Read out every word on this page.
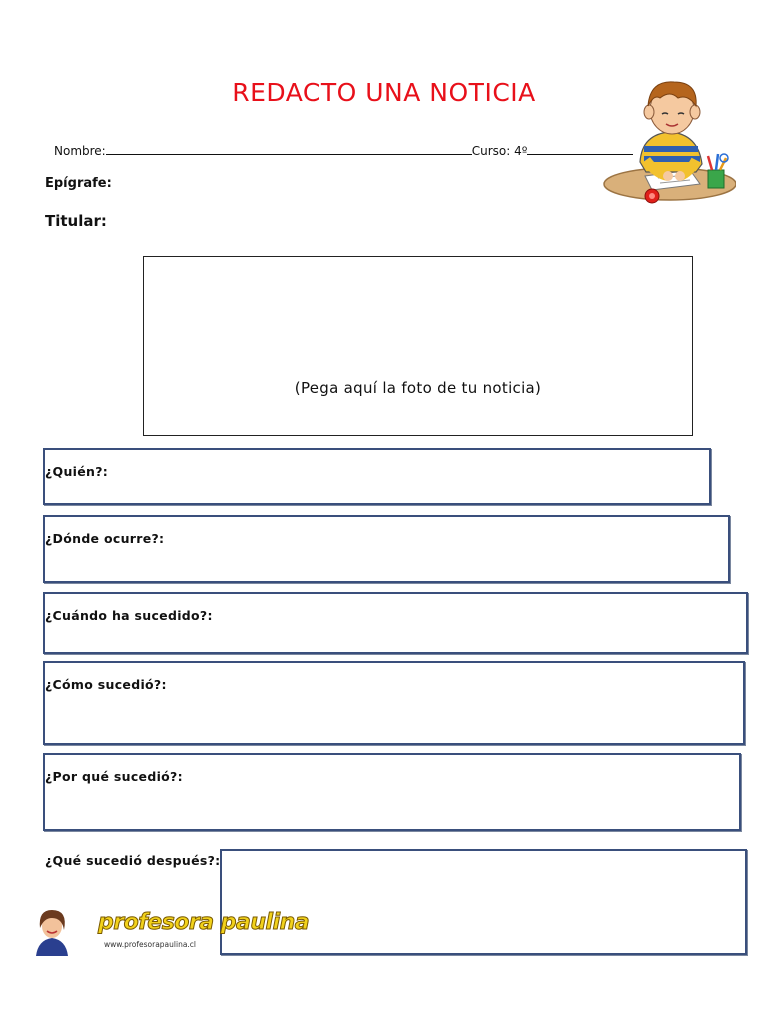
REDACTO UNA NOTICIA
Nombre:	Curso: 4º
Epígrafe:
Titular:
(Pega aquí la foto de tu noticia)
¿Quién?:
¿Dónde ocurre?:
¿Cuándo ha sucedido?:
¿Cómo sucedió?:
¿Por qué sucedió?:
¿Qué sucedió después?:
profesora paulina
www.profesorapaulina.cl
